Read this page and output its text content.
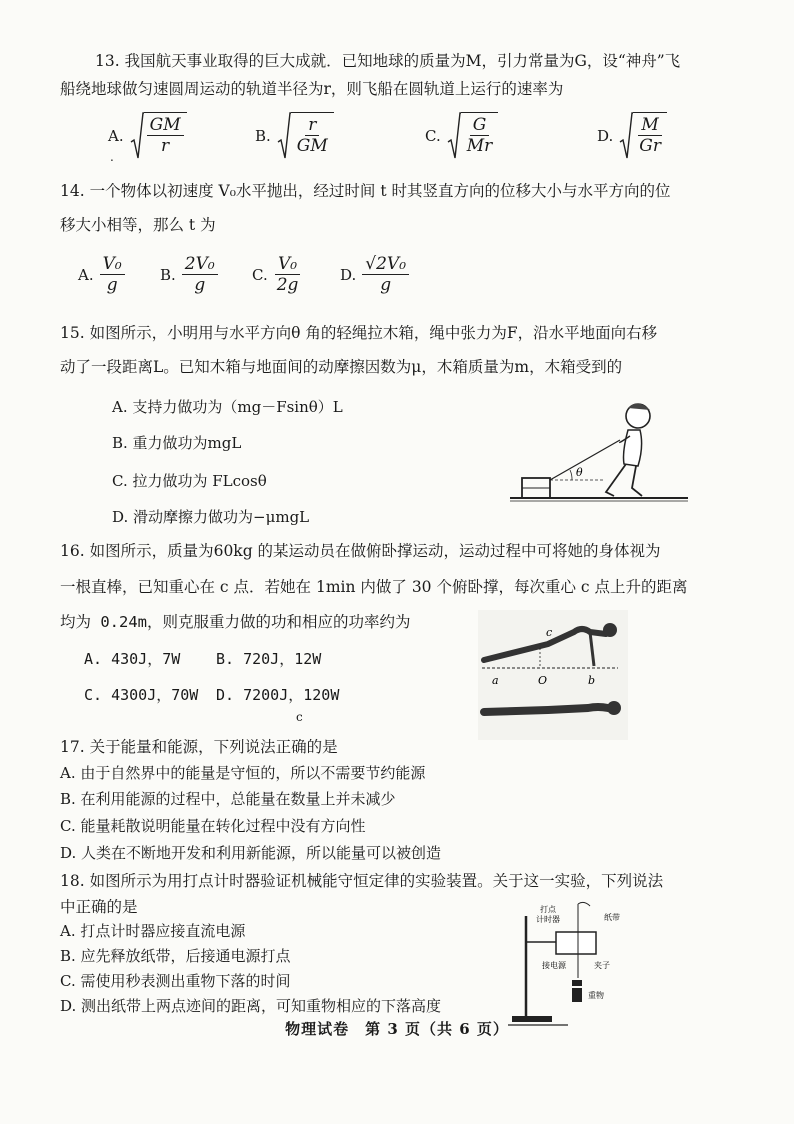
13. 我国航天事业取得的巨大成就．已知地球的质量为M，引力常量为G，设“神舟”飞
船绕地球做匀速圆周运动的轨道半径为r，则飞船在圆轨道上运行的速率为
A. $\frac{GM}{r}$	B. $\frac{r}{GM}$	C. $\frac{G}{Mr}$	D. $\frac{M}{Gr}$
.
14. 一个物体以初速度 V₀水平抛出，经过时间 t 时其竖直方向的位移大小与水平方向的位
移大小相等，那么 t 为
A. $\frac{\text{V₀}}{g} B$. $\frac{\text{2V₀}}{g} C$. $\frac{\text{V₀}}{2g}$	D. $\frac{\text{√2V₀}}{g}$
15. 如图所示，小明用与水平方向θ 角的轻绳拉木箱，绳中张力为F，沿水平地面向右移
动了一段距离L。已知木箱与地面间的动摩擦因数为μ，木箱质量为m，木箱受到的
A. 支持力做功为（mg－Fsinθ）L
B. 重力做功为mgL
C. 拉力做功为 FLcosθ
D. 滑动摩擦力做功为−μmgL
θ
16. 如图所示，质量为60kg 的某运动员在做俯卧撑运动，运动过程中可将她的身体视为
一根直棒，已知重心在 c 点．若她在 1min 内做了 30 个俯卧撑，每次重心 c 点上升的距离
均为 0.24m，则克服重力做的功和相应的功率约为
A. 430J，7W B. 720J，12W
C. 4300J，70W D. 7200J，120W
c
c
a	O	b
17. 关于能量和能源，下列说法正确的是
A. 由于自然界中的能量是守恒的，所以不需要节约能源
B. 在利用能源的过程中，总能量在数量上并未减少
C. 能量耗散说明能量在转化过程中没有方向性
D. 人类在不断地开发和利用新能源，所以能量可以被创造
18. 如图所示为用打点计时器验证机械能守恒定律的实验装置。关于这一实验，下列说法
中正确的是
A. 打点计时器应接直流电源
B. 应先释放纸带，后接通电源打点
C. 需使用秒表测出重物下落的时间
D. 测出纸带上两点迹间的距离，可知重物相应的下落高度
打点
计时器	纸带
接电源	夹子
重物
物理试卷　第 3 页（共 6 页）
